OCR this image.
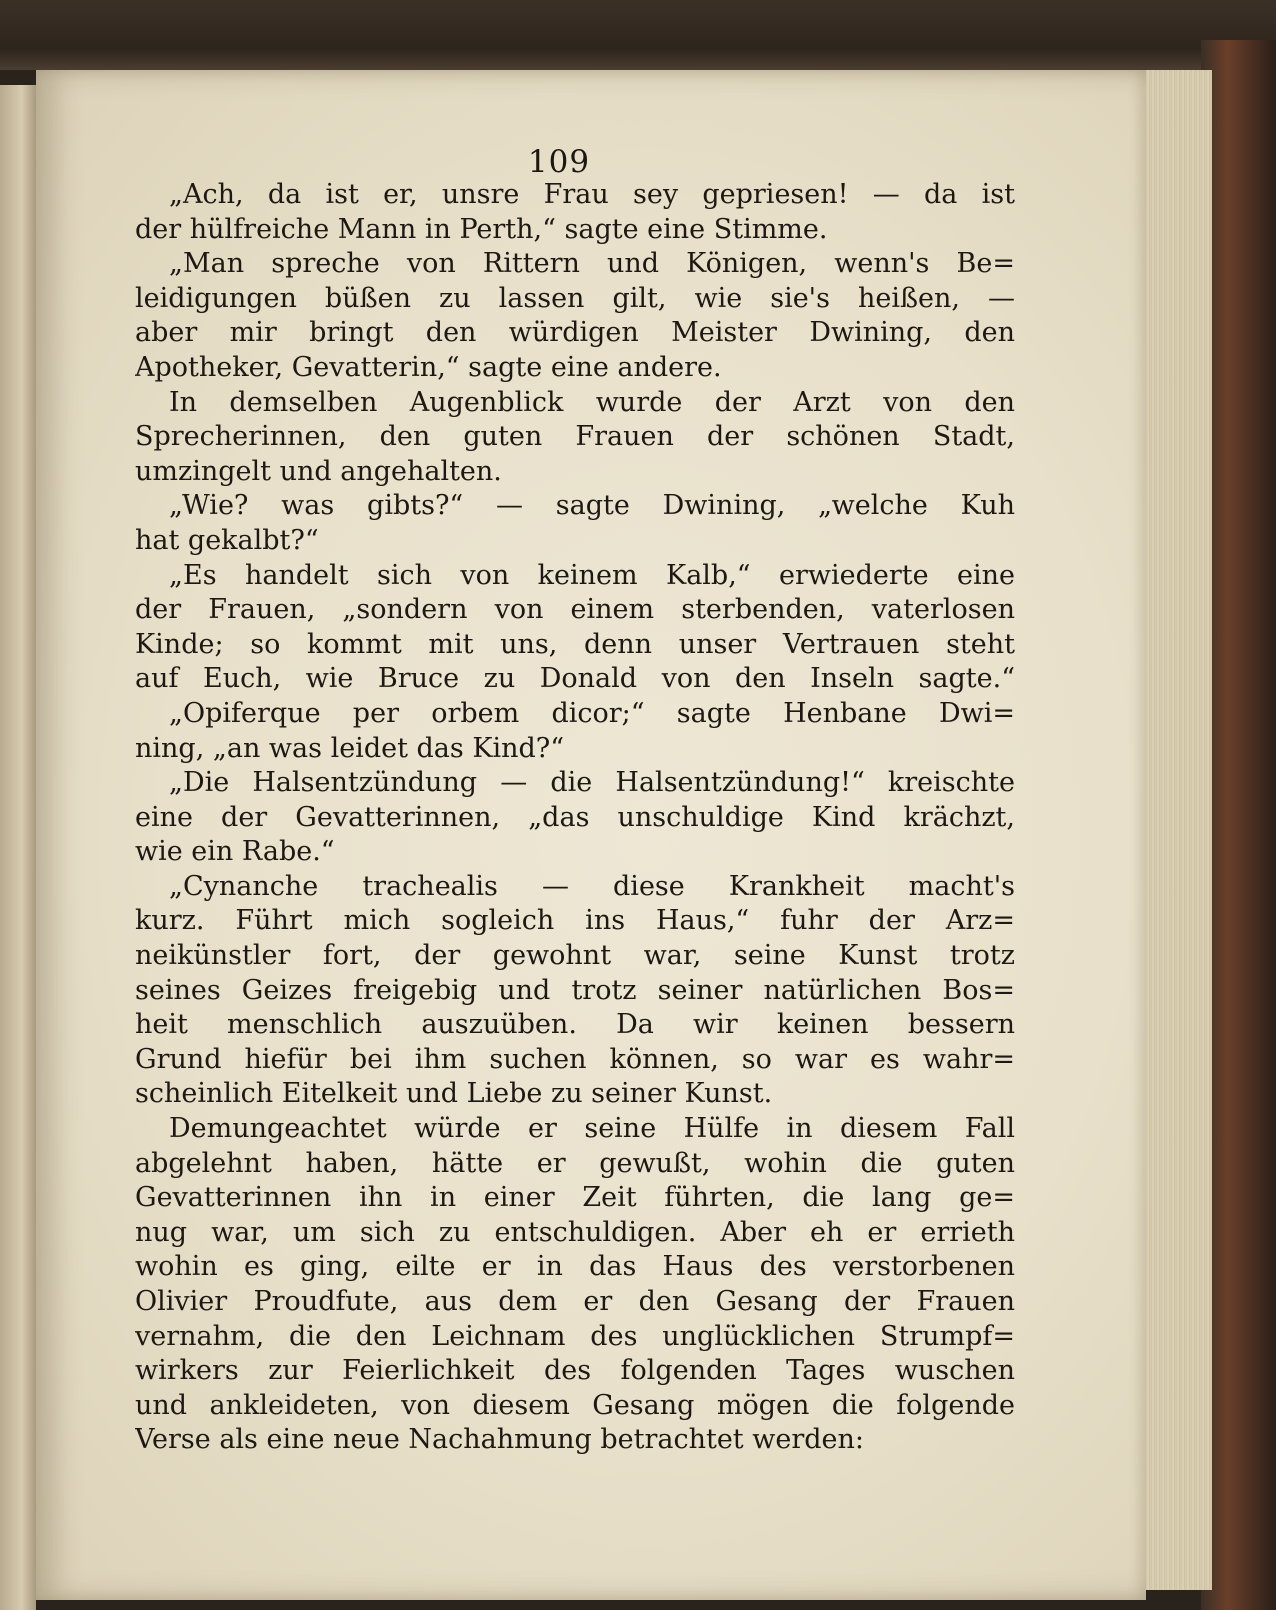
109
„Ach, da ist er, unsre Frau sey gepriesen! — da ist
der hülfreiche Mann in Perth,“ sagte eine Stimme.
„Man spreche von Rittern und Königen, wenn's Be=
leidigungen büßen zu lassen gilt, wie sie's heißen, —
aber mir bringt den würdigen Meister Dwining, den
Apotheker, Gevatterin,“ sagte eine andere.
In demselben Augenblick wurde der Arzt von den
Sprecherinnen, den guten Frauen der schönen Stadt,
umzingelt und angehalten.
„Wie? was gibts?“ — sagte Dwining, „welche Kuh
hat gekalbt?“
„Es handelt sich von keinem Kalb,“ erwiederte eine
der Frauen, „sondern von einem sterbenden, vaterlosen
Kinde; so kommt mit uns, denn unser Vertrauen steht
auf Euch, wie Bruce zu Donald von den Inseln sagte.“
„Opiferque per orbem dicor;“ sagte Henbane Dwi=
ning, „an was leidet das Kind?“
„Die Halsentzündung — die Halsentzündung!“ kreischte
eine der Gevatterinnen, „das unschuldige Kind krächzt,
wie ein Rabe.“
„Cynanche trachealis — diese Krankheit macht's
kurz. Führt mich sogleich ins Haus,“ fuhr der Arz=
neikünstler fort, der gewohnt war, seine Kunst trotz
seines Geizes freigebig und trotz seiner natürlichen Bos=
heit menschlich auszuüben. Da wir keinen bessern
Grund hiefür bei ihm suchen können, so war es wahr=
scheinlich Eitelkeit und Liebe zu seiner Kunst.
Demungeachtet würde er seine Hülfe in diesem Fall
abgelehnt haben, hätte er gewußt, wohin die guten
Gevatterinnen ihn in einer Zeit führten, die lang ge=
nug war, um sich zu entschuldigen. Aber eh er errieth
wohin es ging, eilte er in das Haus des verstorbenen
Olivier Proudfute, aus dem er den Gesang der Frauen
vernahm, die den Leichnam des unglücklichen Strumpf=
wirkers zur Feierlichkeit des folgenden Tages wuschen
und ankleideten, von diesem Gesang mögen die folgende
Verse als eine neue Nachahmung betrachtet werden:
